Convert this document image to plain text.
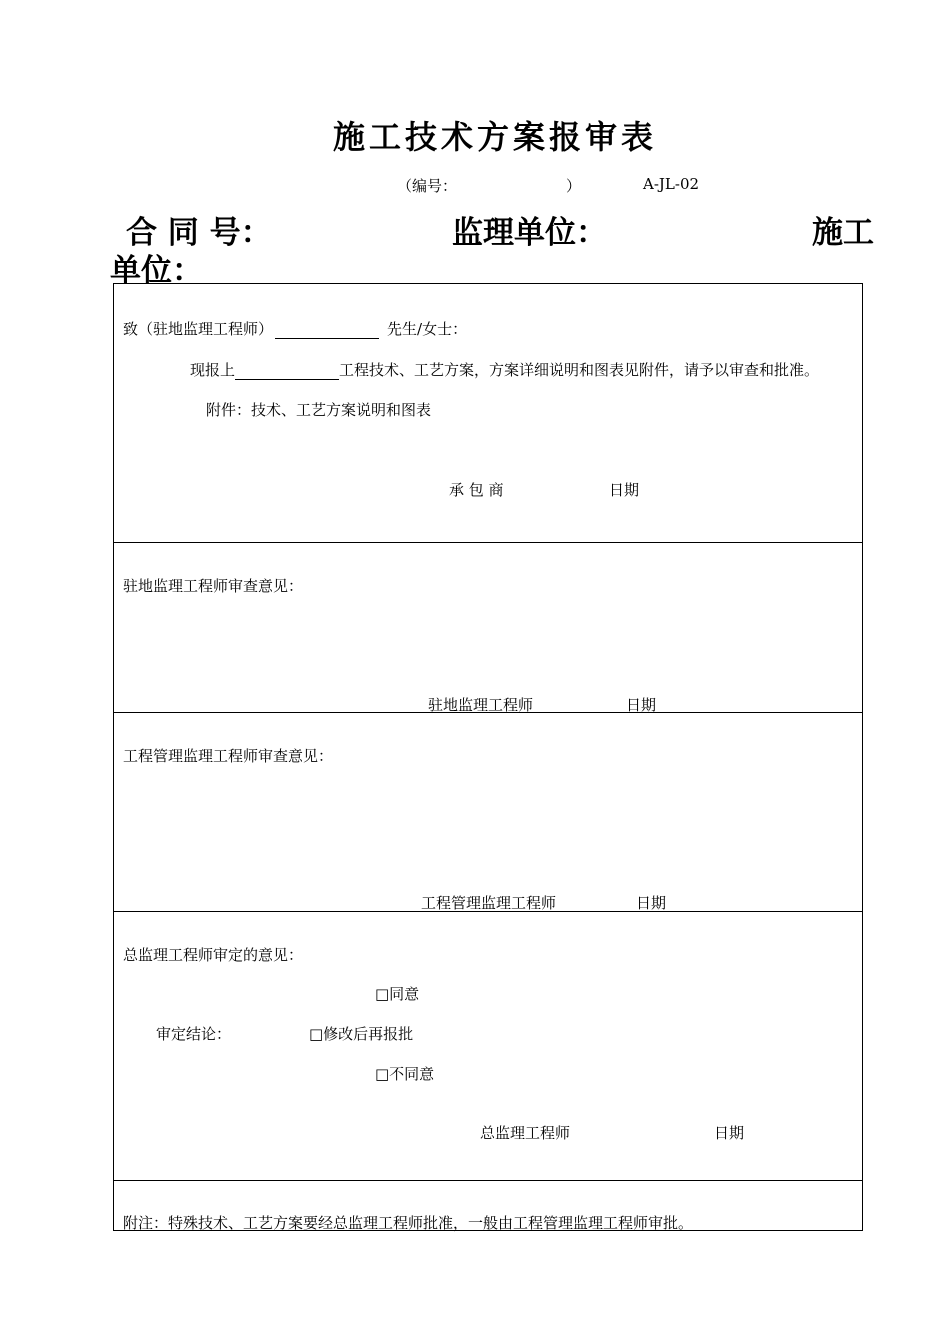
施工技术方案报审表
（编号：	）	A-JL-02
合 同 号：	监理单位：	施工
单位：
致（驻地监理工程师）	先生/女士：
现报上	工程技术、工艺方案，方案详细说明和图表见附件，请予以审查和批准。
附件：技术、工艺方案说明和图表
承 包 商	日期
驻地监理工程师审查意见：
驻地监理工程师	日期
工程管理监理工程师审查意见：
工程管理监理工程师	日期
总监理工程师审定的意见：
□同意
审定结论：	□修改后再报批
□不同意
总监理工程师	日期
附注：特殊技术、工艺方案要经总监理工程师批准，一般由工程管理监理工程师审批。
